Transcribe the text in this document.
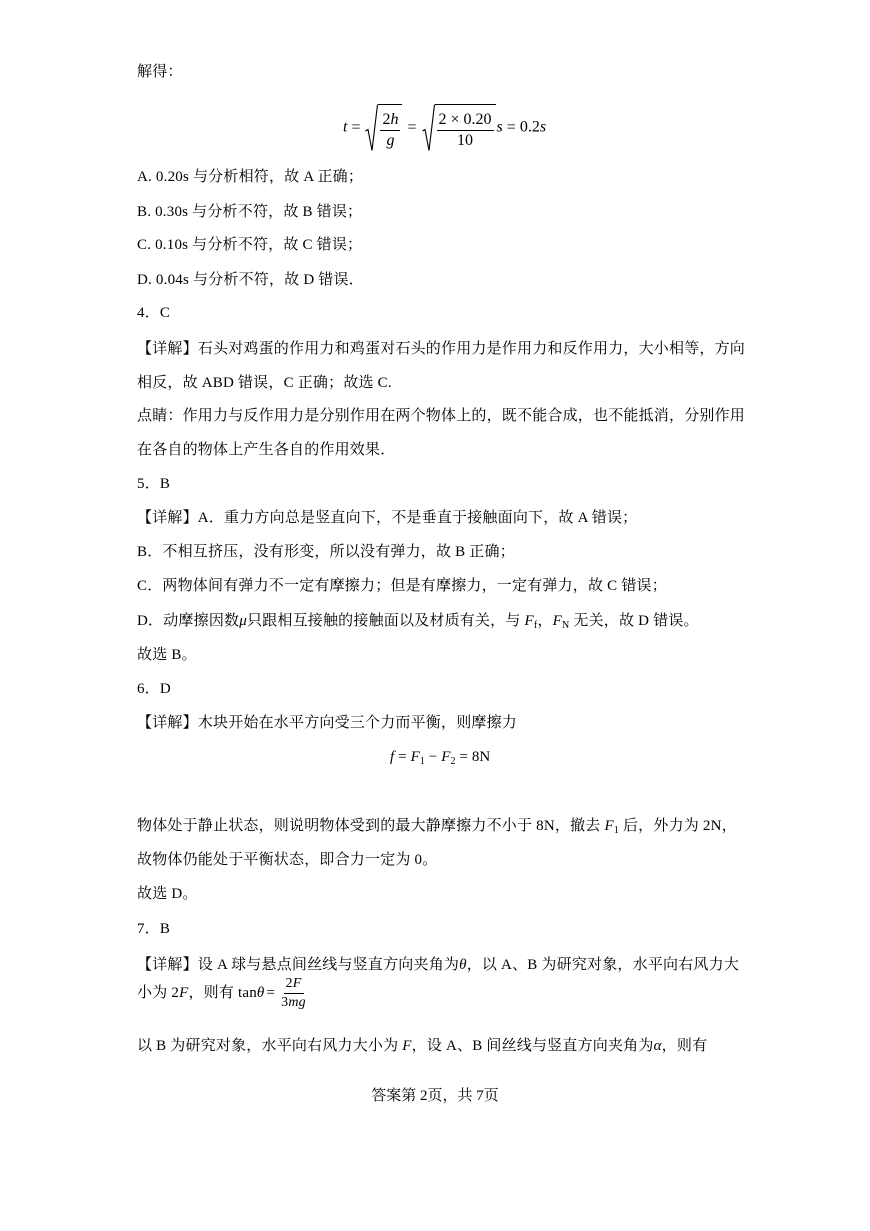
解得：
$t = \frac{2h}{g} = \frac{2 \times 0.20}{10}$ s = 0.2s
A. 0.20s 与分析相符，故 A 正确；
B. 0.30s 与分析不符，故 B 错误；
C. 0.10s 与分析不符，故 C 错误；
D. 0.04s 与分析不符，故 D 错误．
4．C
【详解】石头对鸡蛋的作用力和鸡蛋对石头的作用力是作用力和反作用力，大小相等，方向
相反，故 ABD 错误，C 正确；故选 C.
点睛：作用力与反作用力是分别作用在两个物体上的，既不能合成，也不能抵消，分别作用
在各自的物体上产生各自的作用效果．
5．B
【详解】A．重力方向总是竖直向下，不是垂直于接触面向下，故 A 错误；
B．不相互挤压，没有形变，所以没有弹力，故 B 正确；
C．两物体间有弹力不一定有摩擦力；但是有摩擦力，一定有弹力，故 C 错误；
D．动摩擦因数μ只跟相互接触的接触面以及材质有关，与 $F_f$，$F_N$ 无关，故 D 错误。
故选 B。
6．D
【详解】木块开始在水平方向受三个力而平衡，则摩擦力
$f = F_1 - F_2 = 8N$
物体处于静止状态，则说明物体受到的最大静摩擦力不小于 8N，撤去 $F_1$ 后，外力为 2N，
故物体仍能处于平衡状态，即合力一定为 0。
故选 D。
7．B
【详解】设 A 球与悬点间丝线与竖直方向夹角为θ，以 A、B 为研究对象，水平向右风力大
小为 2F，则有 $\tan\theta = \frac{2F}{3mg}$
以 B 为研究对象，水平向右风力大小为 F，设 A、B 间丝线与竖直方向夹角为α，则有
答案第 2页，共 7页
